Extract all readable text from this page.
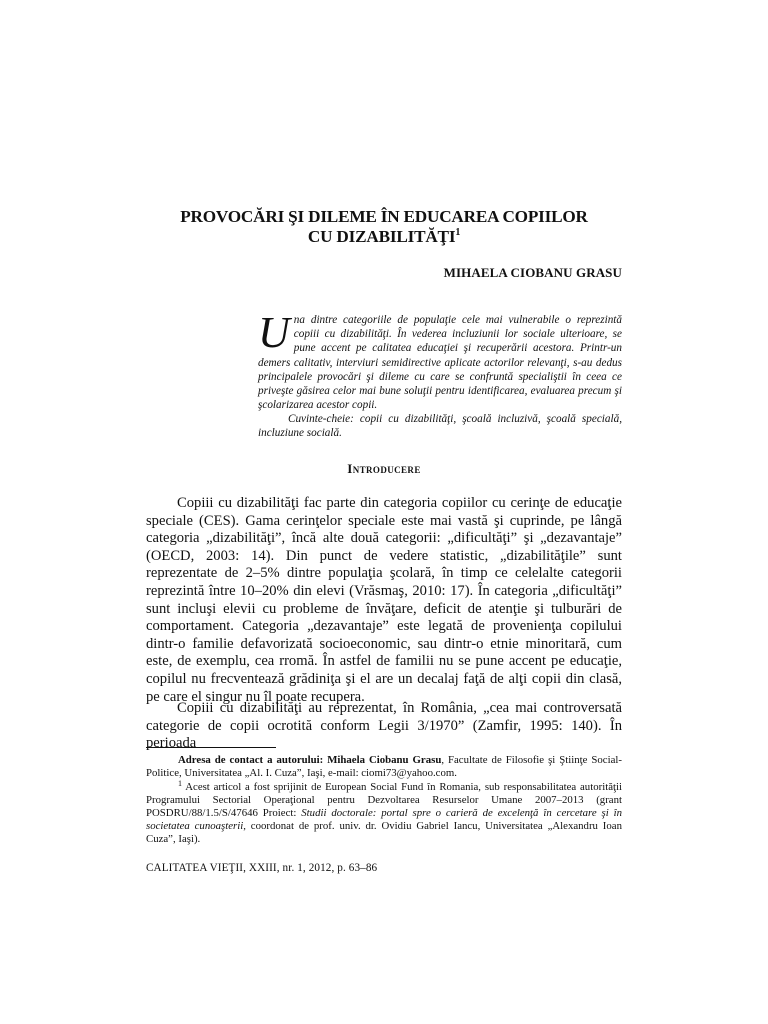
PROVOCĂRI ŞI DILEME ÎN EDUCAREA COPIILOR
CU DIZABILITĂŢI$^1$
MIHAELA CIOBANU GRASU

Una dintre categoriile de populaţie cele mai vulnerabile o reprezintă copiii cu dizabilităţi. În vederea incluziunii lor sociale ulterioare, se pune accent pe calitatea educaţiei şi recuperării acestora. Printr-un demers calitativ, interviuri semidirective aplicate actorilor relevanţi, s-au dedus principalele provocări şi dileme cu care se confruntă specialiştii în ceea ce priveşte găsirea celor mai bune soluţii pentru identificarea, evaluarea precum şi şcolarizarea acestor copii.

Cuvinte-cheie: copii cu dizabilităţi, şcoală incluzivă, şcoală specială, incluziune socială.

Introducere

Copiii cu dizabilităţi fac parte din categoria copiilor cu cerinţe de educaţie speciale (CES). Gama cerinţelor speciale este mai vastă şi cuprinde, pe lângă categoria „dizabilităţi”, încă alte două categorii: „dificultăţi” şi „dezavantaje” (OECD, 2003: 14). Din punct de vedere statistic, „dizabilităţile” sunt reprezentate de 2–5% dintre populaţia şcolară, în timp ce celelalte categorii reprezintă între 10–20% din elevi (Vrăsmaş, 2010: 17). În categoria „dificultăţi” sunt incluşi elevii cu probleme de învăţare, deficit de atenţie şi tulburări de comportament. Categoria „dezavantaje” este legată de provenienţa copilului dintr-o familie defavorizată socioeconomic, sau dintr-o etnie minoritară, cum este, de exemplu, cea rromă. În astfel de familii nu se pune accent pe educaţie, copilul nu frecventează grădiniţa şi el are un decalaj faţă de alţi copii din clasă, pe care el singur nu îl poate recupera.

Copiii cu dizabilităţi au reprezentat, în România, „cea mai controversată categorie de copii ocrotită conform Legii 3/1970” (Zamfir, 1995: 140). În perioada

Adresa de contact a autorului: Mihaela Ciobanu Grasu, Facultate de Filosofie şi Ştiinţe Social-Politice, Universitatea „Al. I. Cuza”, Iaşi, e-mail: ciomi73@yahoo.com.

$^1$ Acest articol a fost sprijinit de European Social Fund în Romania, sub responsabilitatea autorităţii Programului Sectorial Operaţional pentru Dezvoltarea Resurselor Umane 2007–2013 (grant POSDRU/88/1.5/S/47646 Proiect: Studii doctorale: portal spre o carieră de excelenţă în cercetare şi în societatea cunoaşterii, coordonat de prof. univ. dr. Ovidiu Gabriel Iancu, Universitatea „Alexandru Ioan Cuza”, Iaşi).

CALITATEA VIEŢII, XXIII, nr. 1, 2012, p. 63–86
